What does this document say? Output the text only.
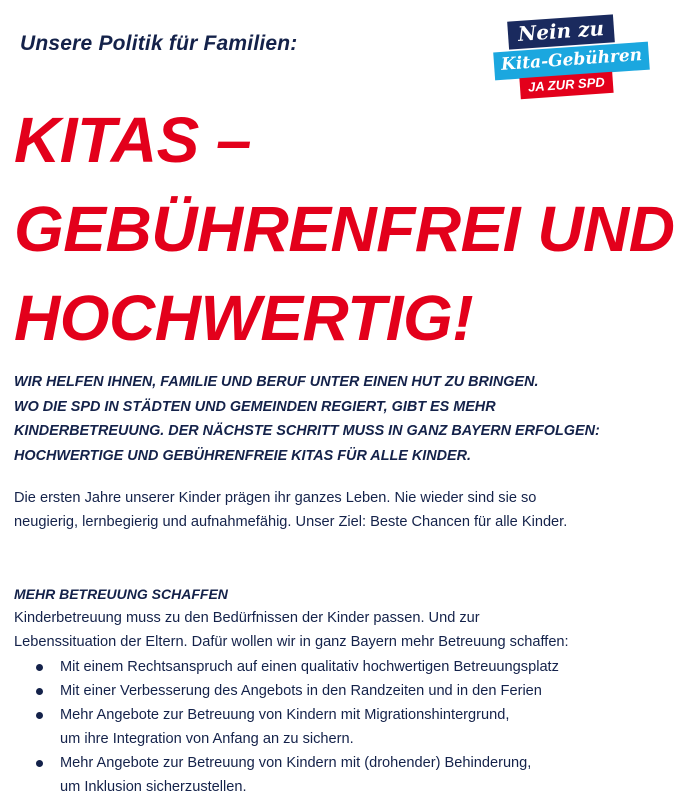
Unsere Politik für Familien:	Nein zu
Kita-Gebühren
JA ZUR SPD
KITAS –
GEBÜHRENFREI UND
HOCHWERTIG!
WIR HELFEN IHNEN, FAMILIE UND BERUF UNTER EINEN HUT ZU BRINGEN.
WO DIE SPD IN STÄDTEN UND GEMEINDEN REGIERT, GIBT ES MEHR
KINDERBETREUUNG. DER NÄCHSTE SCHRITT MUSS IN GANZ BAYERN ERFOLGEN:
HOCHWERTIGE UND GEBÜHRENFREIE KITAS FÜR ALLE KINDER.
Die ersten Jahre unserer Kinder prägen ihr ganzes Leben. Nie wieder sind sie so
neugierig, lernbegierig und aufnahmefähig. Unser Ziel: Beste Chancen für alle Kinder.
MEHR BETREUUNG SCHAFFEN
Kinderbetreuung muss zu den Bedürfnissen der Kinder passen. Und zur
Lebenssituation der Eltern. Dafür wollen wir in ganz Bayern mehr Betreuung schaffen:
Mit einem Rechtsanspruch auf einen qualitativ hochwertigen Betreuungsplatz
Mit einer Verbesserung des Angebots in den Randzeiten und in den Ferien
Mehr Angebote zur Betreuung von Kindern mit Migrationshintergrund,
um ihre Integration von Anfang an zu sichern.
Mehr Angebote zur Betreuung von Kindern mit (drohender) Behinderung,
um Inklusion sicherzustellen.
